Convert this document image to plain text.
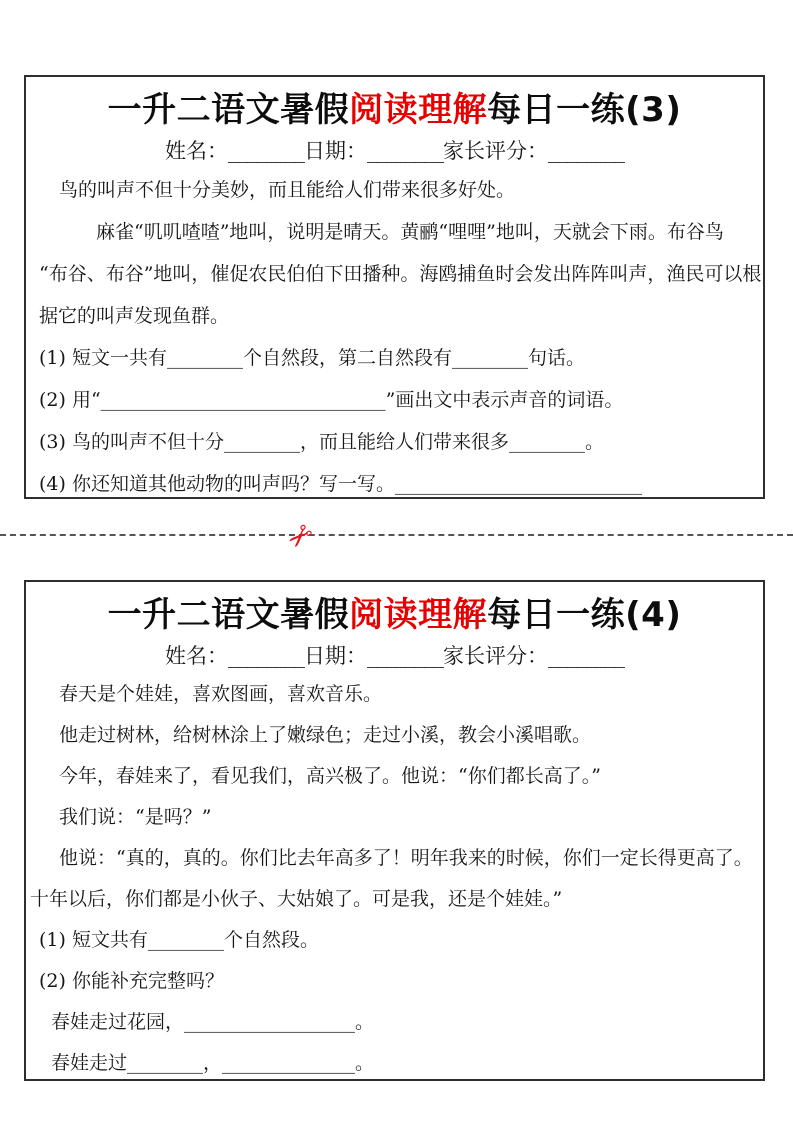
一升二语文暑假阅读理解每日一练(3)
姓名：________日期：________家长评分：________
鸟的叫声不但十分美妙，而且能给人们带来很多好处。
麻雀“叽叽喳喳”地叫，说明是晴天。黄鹂“哩哩”地叫，天就会下雨。布谷鸟
“布谷、布谷”地叫，催促农民伯伯下田播种。海鸥捕鱼时会发出阵阵叫声，渔民可以根
据它的叫声发现鱼群。
(1) 短文一共有________个自然段，第二自然段有________句话。
(2) 用“______________________________”画出文中表示声音的词语。
(3) 鸟的叫声不但十分________，而且能给人们带来很多________。
(4) 你还知道其他动物的叫声吗？写一写。__________________________
✂
一升二语文暑假阅读理解每日一练(4)
姓名：________日期：________家长评分：________
春天是个娃娃，喜欢图画，喜欢音乐。
他走过树林，给树林涂上了嫩绿色；走过小溪，教会小溪唱歌。
今年，春娃来了，看见我们，高兴极了。他说：“你们都长高了。”
我们说：“是吗？”
他说：“真的，真的。你们比去年高多了！明年我来的时候，你们一定长得更高了。
十年以后，你们都是小伙子、大姑娘了。可是我，还是个娃娃。”
(1) 短文共有________个自然段。
(2) 你能补充完整吗？
春娃走过花园，__________________。
春娃走过________，______________。
